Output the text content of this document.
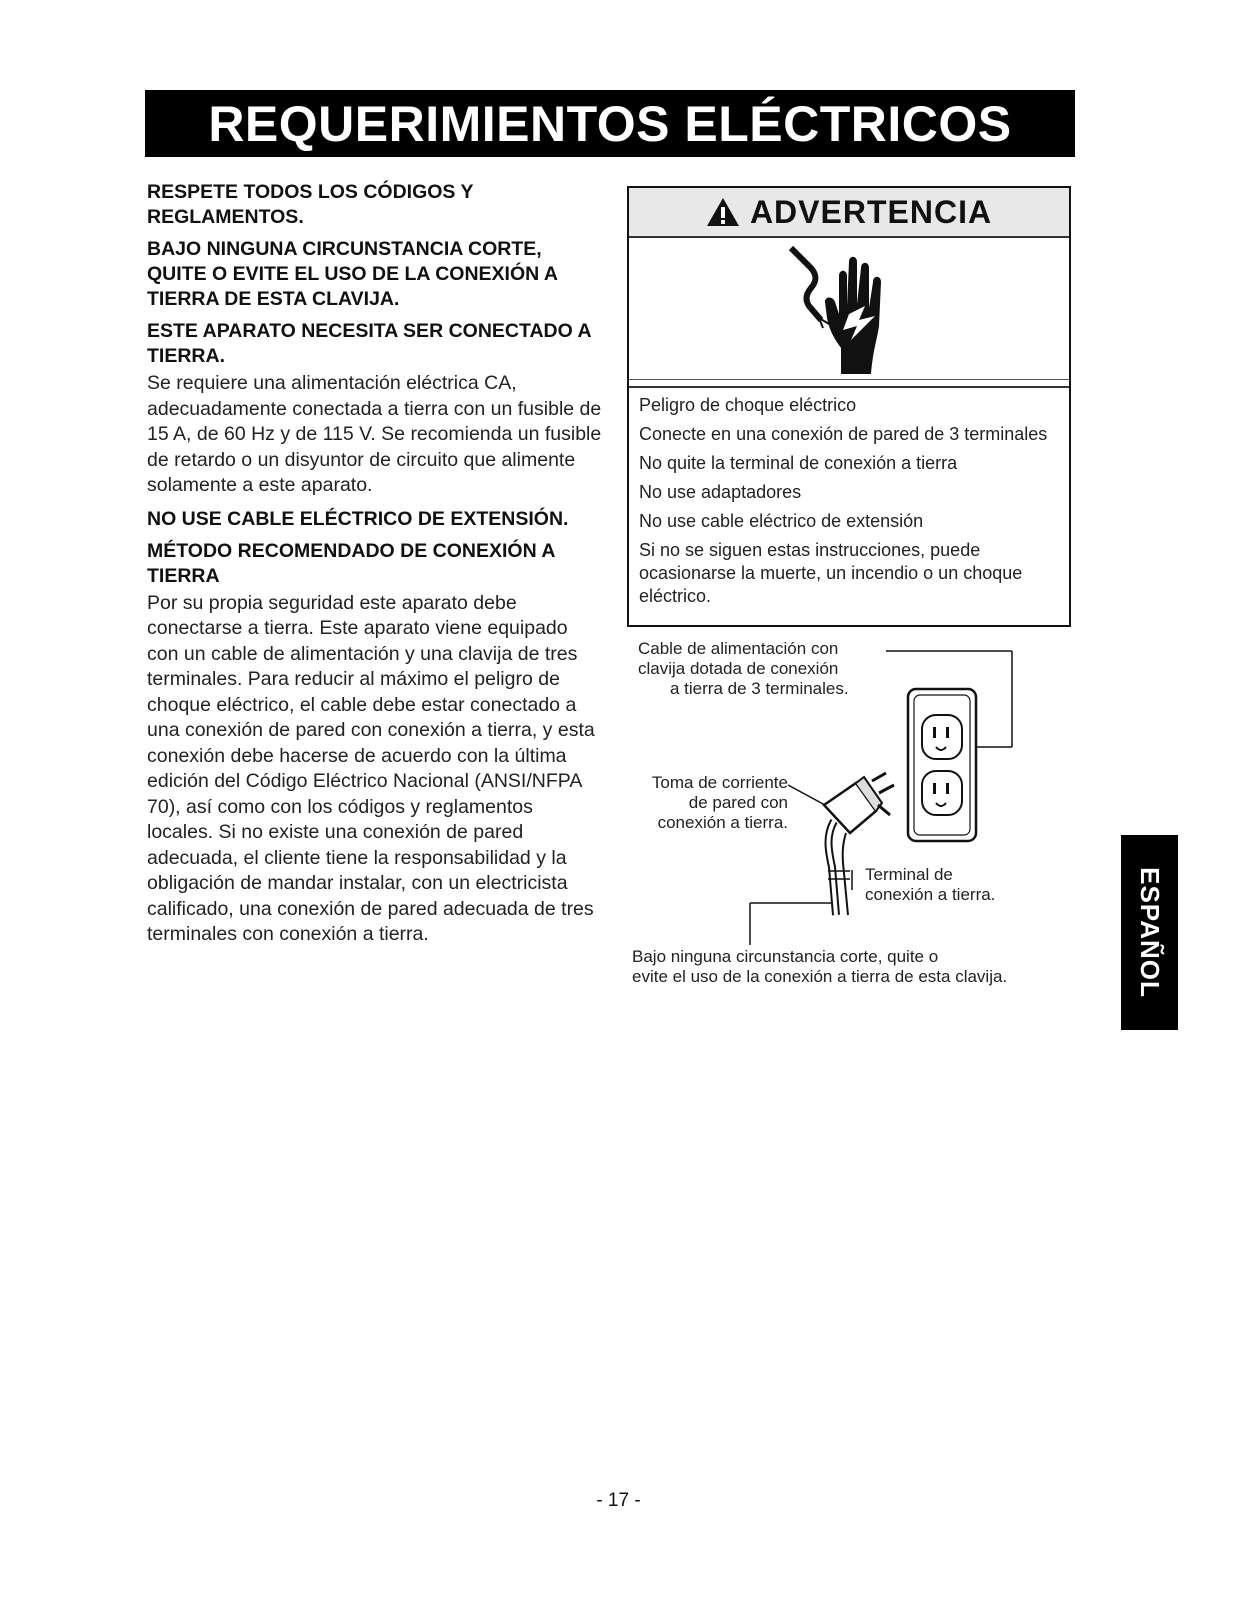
REQUERIMIENTOS ELÉCTRICOS
RESPETE TODOS LOS CÓDIGOS Y REGLAMENTOS.
BAJO NINGUNA CIRCUNSTANCIA CORTE, QUITE O EVITE EL USO DE LA CONEXIÓN A TIERRA DE ESTA CLAVIJA.
ESTE APARATO NECESITA SER CONECTADO A TIERRA.
Se requiere una alimentación eléctrica CA, adecuadamente conectada a tierra con un fusible de 15 A, de 60 Hz y de 115 V. Se recomienda un fusible de retardo o un disyuntor de circuito que alimente solamente a este aparato.
NO USE CABLE ELÉCTRICO DE EXTENSIÓN.
MÉTODO RECOMENDADO DE CONEXIÓN A TIERRA
Por su propia seguridad este aparato debe conectarse a tierra. Este aparato viene equipado con un cable de alimentación y una clavija de tres terminales. Para reducir al máximo el peligro de choque eléctrico, el cable debe estar conectado a una conexión de pared con conexión a tierra, y esta conexión debe hacerse de acuerdo con la última edición del Código Eléctrico Nacional (ANSI/NFPA 70), así como con los códigos y reglamentos locales. Si no existe una conexión de pared adecuada, el cliente tiene la responsabilidad y la obligación de mandar instalar, con un electricista calificado, una conexión de pared adecuada de tres terminales con conexión a tierra.
ADVERTENCIA
Peligro de choque eléctrico
Conecte en una conexión de pared de 3 terminales
No quite la terminal de conexión a tierra
No use adaptadores
No use cable eléctrico de extensión
Si no se siguen estas instrucciones, puede ocasionarse la muerte, un incendio o un choque eléctrico.
Cable de alimentación con
clavija dotada de conexión
a tierra de 3 terminales.
Toma de corriente
de pared con
conexión a tierra.
Terminal de
conexión a tierra.
Bajo ninguna circunstancia corte, quite o
evite el uso de la conexión a tierra de esta clavija.	ESPAÑOL
- 17 -
